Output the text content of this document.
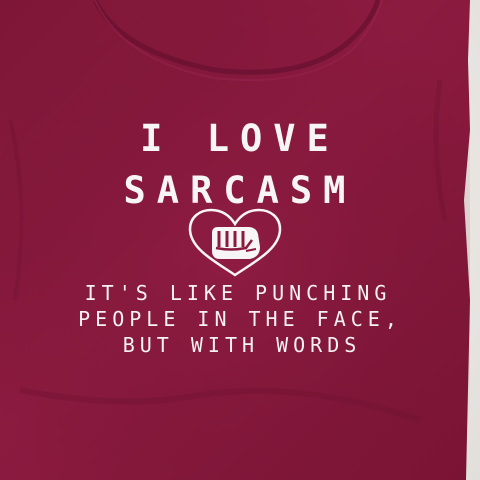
I LOVE
SARCASM
IT'S LIKE PUNCHING
PEOPLE IN THE FACE,
BUT WITH WORDS
